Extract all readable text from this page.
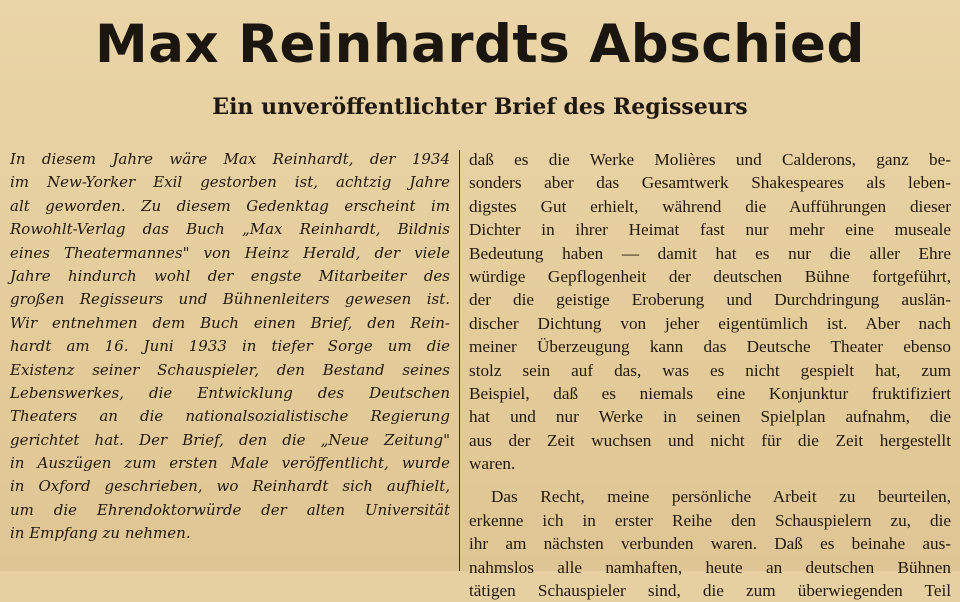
Max Reinhardts Abschied
Ein unveröffentlichter Brief des Regisseurs
In diesem Jahre wäre Max Reinhardt, der 1934
im New-Yorker Exil gestorben ist, achtzig Jahre
alt geworden. Zu diesem Gedenktag erscheint im
Rowohlt-Verlag das Buch „Max Reinhardt, Bildnis
eines Theatermannes" von Heinz Herald, der viele
Jahre hindurch wohl der engste Mitarbeiter des
großen Regisseurs und Bühnenleiters gewesen ist.
Wir entnehmen dem Buch einen Brief, den Rein-
hardt am 16. Juni 1933 in tiefer Sorge um die
Existenz seiner Schauspieler, den Bestand seines
Lebenswerkes, die Entwicklung des Deutschen
Theaters an die nationalsozialistische Regierung
gerichtet hat. Der Brief, den die „Neue Zeitung"
in Auszügen zum ersten Male veröffentlicht, wurde
in Oxford geschrieben, wo Reinhardt sich aufhielt,
um die Ehrendoktorwürde der alten Universität
in Empfang zu nehmen.
daß es die Werke Molières und Calderons, ganz be-
sonders aber das Gesamtwerk Shakespeares als leben-
digstes Gut erhielt, während die Aufführungen dieser
Dichter in ihrer Heimat fast nur mehr eine museale
Bedeutung haben — damit hat es nur die aller Ehre
würdige Gepflogenheit der deutschen Bühne fortgeführt,
der die geistige Eroberung und Durchdringung auslän-
discher Dichtung von jeher eigentümlich ist. Aber nach
meiner Überzeugung kann das Deutsche Theater ebenso
stolz sein auf das, was es nicht gespielt hat, zum
Beispiel, daß es niemals eine Konjunktur fruktifiziert
hat und nur Werke in seinen Spielplan aufnahm, die
aus der Zeit wuchsen und nicht für die Zeit hergestellt
waren.
Das Recht, meine persönliche Arbeit zu beurteilen,
erkenne ich in erster Reihe den Schauspielern zu, die
ihr am nächsten verbunden waren. Daß es beinahe aus-
nahmslos alle namhaften, heute an deutschen Bühnen
tätigen Schauspieler sind, die zum überwiegenden Teil
